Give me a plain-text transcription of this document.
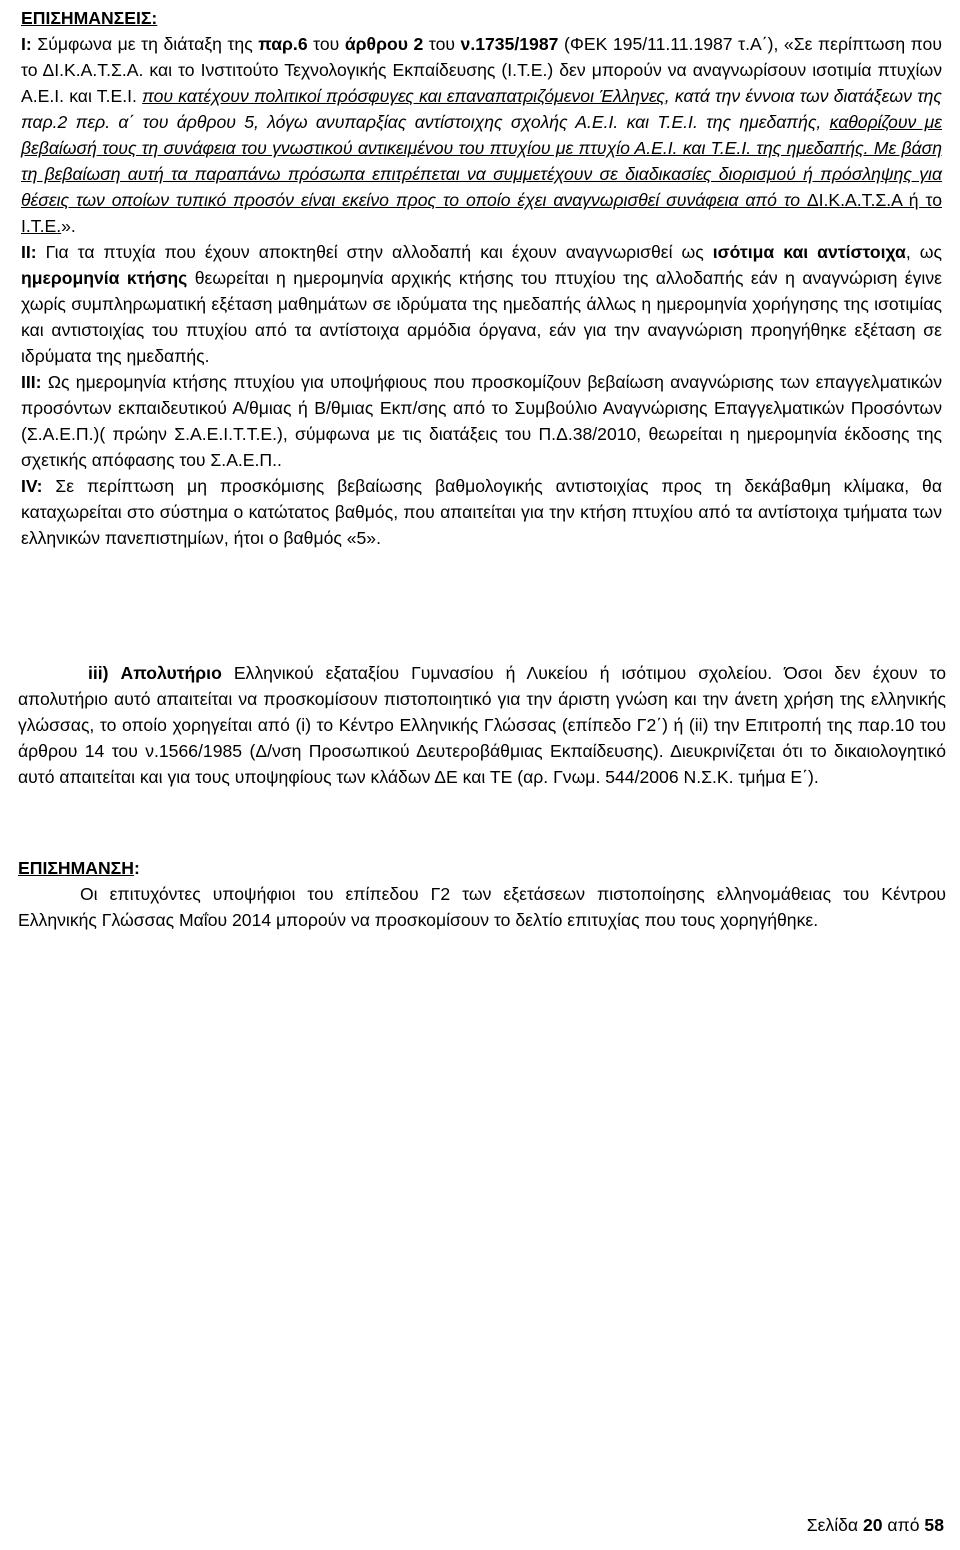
ΕΠΙΣΗΜΑΝΣΕΙΣ:

Ι: Σύμφωνα με τη διάταξη της παρ.6 του άρθρου 2 του ν.1735/1987 (ΦΕΚ 195/11.11.1987 τ.Α΄), «Σε περίπτωση που το ΔΙ.Κ.Α.Τ.Σ.Α. και το Ινστιτούτο Τεχνολογικής Εκπαίδευσης (Ι.Τ.Ε.) δεν μπορούν να αναγνωρίσουν ισοτιμία πτυχίων Α.Ε.Ι. και Τ.Ε.Ι. που κατέχουν πολιτικοί πρόσφυγες και επαναπατριζόμενοι Έλληνες, κατά την έννοια των διατάξεων της παρ.2 περ. α΄ του άρθρου 5, λόγω ανυπαρξίας αντίστοιχης σχολής Α.Ε.Ι. και Τ.Ε.Ι. της ημεδαπής, καθορίζουν με βεβαίωσή τους τη συνάφεια του γνωστικού αντικειμένου του πτυχίου με πτυχίο Α.Ε.Ι. και Τ.Ε.Ι. της ημεδαπής. Με βάση τη βεβαίωση αυτή τα παραπάνω πρόσωπα επιτρέπεται να συμμετέχουν σε διαδικασίες διορισμού ή πρόσληψης για θέσεις των οποίων τυπικό προσόν είναι εκείνο προς το οποίο έχει αναγνωρισθεί συνάφεια από το ΔΙ.Κ.Α.Τ.Σ.Α ή το Ι.Τ.Ε.».

ΙΙ: Για τα πτυχία που έχουν αποκτηθεί στην αλλοδαπή και έχουν αναγνωρισθεί ως ισότιμα και αντίστοιχα, ως ημερομηνία κτήσης θεωρείται η ημερομηνία αρχικής κτήσης του πτυχίου της αλλοδαπής εάν η αναγνώριση έγινε χωρίς συμπληρωματική εξέταση μαθημάτων σε ιδρύματα της ημεδαπής άλλως η ημερομηνία χορήγησης της ισοτιμίας και αντιστοιχίας του πτυχίου από τα αντίστοιχα αρμόδια όργανα, εάν για την αναγνώριση προηγήθηκε εξέταση σε ιδρύματα της ημεδαπής.

ΙΙΙ: Ως ημερομηνία κτήσης πτυχίου για υποψήφιους που προσκομίζουν βεβαίωση αναγνώρισης των επαγγελματικών προσόντων εκπαιδευτικού Α/θμιας ή Β/θμιας Εκπ/σης από το Συμβούλιο Αναγνώρισης Επαγγελματικών Προσόντων (Σ.Α.Ε.Π.)( πρώην Σ.Α.Ε.Ι.Τ.Τ.Ε.), σύμφωνα με τις διατάξεις του Π.Δ.38/2010, θεωρείται η ημερομηνία έκδοσης της σχετικής απόφασης του Σ.Α.Ε.Π..

ΙV: Σε περίπτωση μη προσκόμισης βεβαίωσης βαθμολογικής αντιστοιχίας προς τη δεκάβαθμη κλίμακα, θα καταχωρείται στο σύστημα ο κατώτατος βαθμός, που απαιτείται για την κτήση πτυχίου από τα αντίστοιχα τμήματα των ελληνικών πανεπιστημίων, ήτοι ο βαθμός «5».

iii) Απολυτήριο Ελληνικού εξαταξίου Γυμνασίου ή Λυκείου ή ισότιμου σχολείου. Όσοι δεν έχουν το απολυτήριο αυτό απαιτείται να προσκομίσουν πιστοποιητικό για την άριστη γνώση και την άνετη χρήση της ελληνικής γλώσσας, το οποίο χορηγείται από (i) το Κέντρο Ελληνικής Γλώσσας (επίπεδο Γ2΄) ή (ii) την Επιτροπή της παρ.10 του άρθρου 14 του ν.1566/1985 (Δ/νση Προσωπικού Δευτεροβάθμιας Εκπαίδευσης). Διευκρινίζεται ότι το δικαιολογητικό αυτό απαιτείται και για τους υποψηφίους των κλάδων ΔΕ και ΤΕ (αρ. Γνωμ. 544/2006 Ν.Σ.Κ. τμήμα Ε΄).

ΕΠΙΣΗΜΑΝΣΗ:

Οι επιτυχόντες υποψήφιοι του επίπεδου Γ2 των εξετάσεων πιστοποίησης ελληνομάθειας του Κέντρου Ελληνικής Γλώσσας Μαΐου 2014 μπορούν να προσκομίσουν το δελτίο επιτυχίας που τους χορηγήθηκε.

Σελίδα 20 από 58
